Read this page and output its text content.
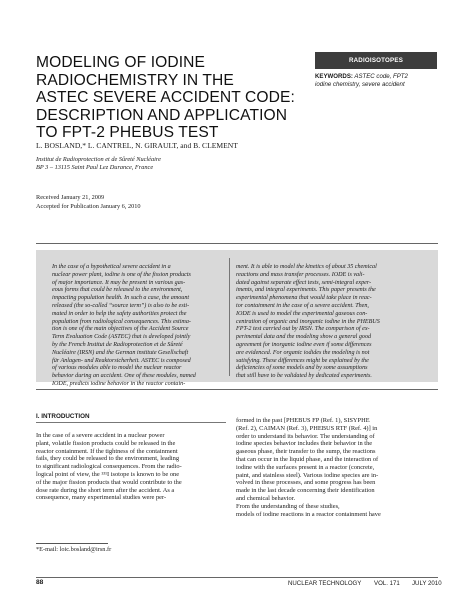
MODELING OF IODINE
RADIOCHEMISTRY IN THE
ASTEC SEVERE ACCIDENT CODE:
DESCRIPTION AND APPLICATION
TO FPT-2 PHEBUS TEST
RADIOISOTOPES
KEYWORDS: ASTEC code, FPT2
iodine chemistry, severe accident
L. BOSLAND,* L. CANTREL, N. GIRAULT, and B. CLEMENT
Institut de Radioprotection et de Sûreté Nucléaire
BP 3 – 13115 Saint Paul Lez Durance, France
Received January 21, 2009
Accepted for Publication January 6, 2010
In the case of a hypothetical severe accident in a
nuclear power plant, iodine is one of the fission products
of major importance. It may be present in various gas-
eous forms that could be released to the environment,
impacting population health. In such a case, the amount
released (the so-called “source term”) is also to be esti-
mated in order to help the safety authorities protect the
population from radiological consequences. This estima-
tion is one of the main objectives of the Accident Source
Term Evaluation Code (ASTEC) that is developed jointly
by the French Institut de Radioprotection et de Sûreté
Nucléaire (IRSN) and the German institute Gesellschaft
für Anlagen- und Reaktorsicherheit. ASTEC is composed
of various modules able to model the nuclear reactor
behavior during an accident. One of these modules, named
IODE, predicts iodine behavior in the reactor contain-
ment. It is able to model the kinetics of about 35 chemical
reactions and mass transfer processes. IODE is vali-
dated against separate effect tests, semi-integral exper-
iments, and integral experiments. This paper presents the
experimental phenomena that would take place in reac-
tor containment in the case of a severe accident. Then,
IODE is used to model the experimental gaseous con-
centration of organic and inorganic iodine in the PHEBUS
FPT-2 test carried out by IRSN. The comparison of ex-
perimental data and the modeling show a general good
agreement for inorganic iodine even if some differences
are evidenced. For organic iodides the modeling is not
satisfying. These differences might be explained by the
deficiencies of some models and by some assumptions
that still have to be validated by dedicated experiments.
I. INTRODUCTION
In the case of a severe accident in a nuclear power
plant, volatile fission products could be released in the
reactor containment. If the tightness of the containment
fails, they could be released to the environment, leading
to significant radiological consequences. From the radio-
logical point of view, the ¹³¹I isotope is known to be one
of the major fission products that would contribute to the
dose rate during the short term after the accident. As a
consequence, many experimental studies were per-
formed in the past [PHEBUS FP (Ref. 1), SISYPHE
(Ref. 2), CAIMAN (Ref. 3), PHEBUS RTF (Ref. 4)] in
order to understand its behavior. The understanding of
iodine species behavior includes their behavior in the
gaseous phase, their transfer to the sump, the reactions
that can occur in the liquid phase, and the interaction of
iodine with the surfaces present in a reactor (concrete,
paint, and stainless steel). Various iodine species are in-
volved in these processes, and some progress has been
made in the last decade concerning their identification
and chemical behavior.
From the understanding of these studies,
models of iodine reactions in a reactor containment have
*E-mail: loic.bosland@irsn.fr
88	NUCLEAR TECHNOLOGY VOL. 171 JULY 2010
